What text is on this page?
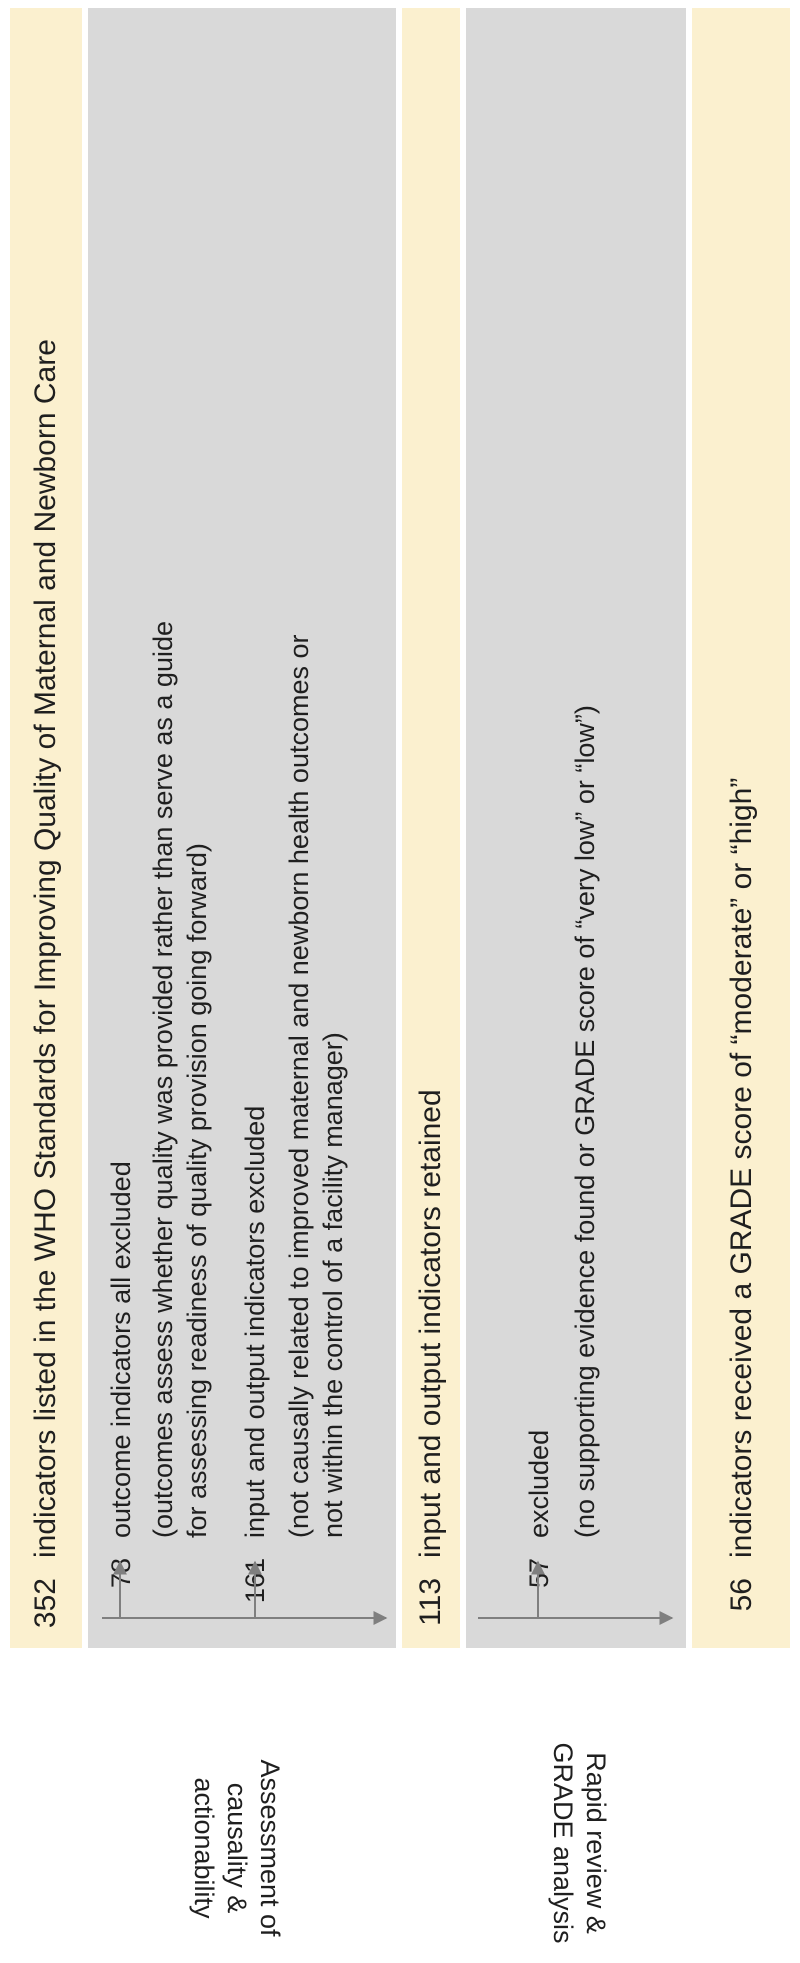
352
indicators listed in the WHO Standards for Improving Quality of Maternal and Newborn Care
Assessment of causality & actionability
78
outcome indicators all excluded (outcomes assess whether quality was provided rather than serve as a guide for assessing readiness of quality provision going forward)
161
input and output indicators excluded (not causally related to improved maternal and newborn health outcomes or not within the control of a facility manager)
113
input and output indicators retained
Rapid review & GRADE analysis
57
excluded (no supporting evidence found or GRADE score of “very low” or “low”)
56
indicators received a GRADE score of “moderate” or “high”
